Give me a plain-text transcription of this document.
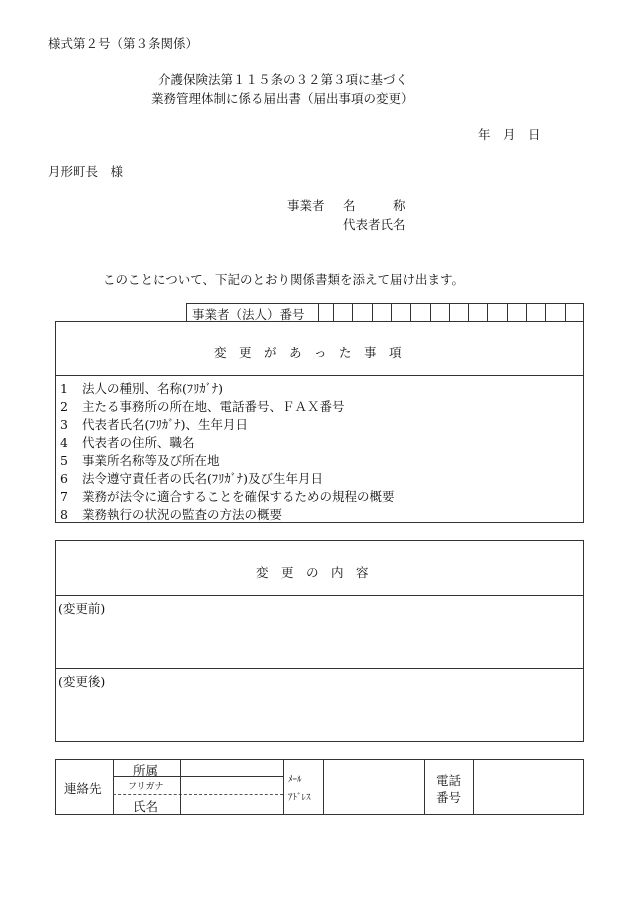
様式第２号（第３条関係）
介護保険法第１１５条の３２第３項に基づく
業務管理体制に係る届出書（届出事項の変更）
年　月　日
月形町長　様
事業者 名　　　称
代表者氏名
このことについて、下記のとおり関係書類を添えて届け出ます。
事業者（法人）番号
変　更　が　あ　っ　た　事　項
1 法人の種別、名称(ﾌﾘｶﾞﾅ)
2 主たる事務所の所在地、電話番号、ＦＡＸ番号
3 代表者氏名(ﾌﾘｶﾞﾅ)、生年月日
4 代表者の住所、職名
5 事業所名称等及び所在地
6 法令遵守責任者の氏名(ﾌﾘｶﾞﾅ)及び生年月日
7 業務が法令に適合することを確保するための規程の概要
8 業務執行の状況の監査の方法の概要
変　更　の　内　容
(変更前)
(変更後)
連絡先
所属
フリガナ
氏名
ﾒｰﾙ
ｱﾄﾞﾚｽ
電話
番号
